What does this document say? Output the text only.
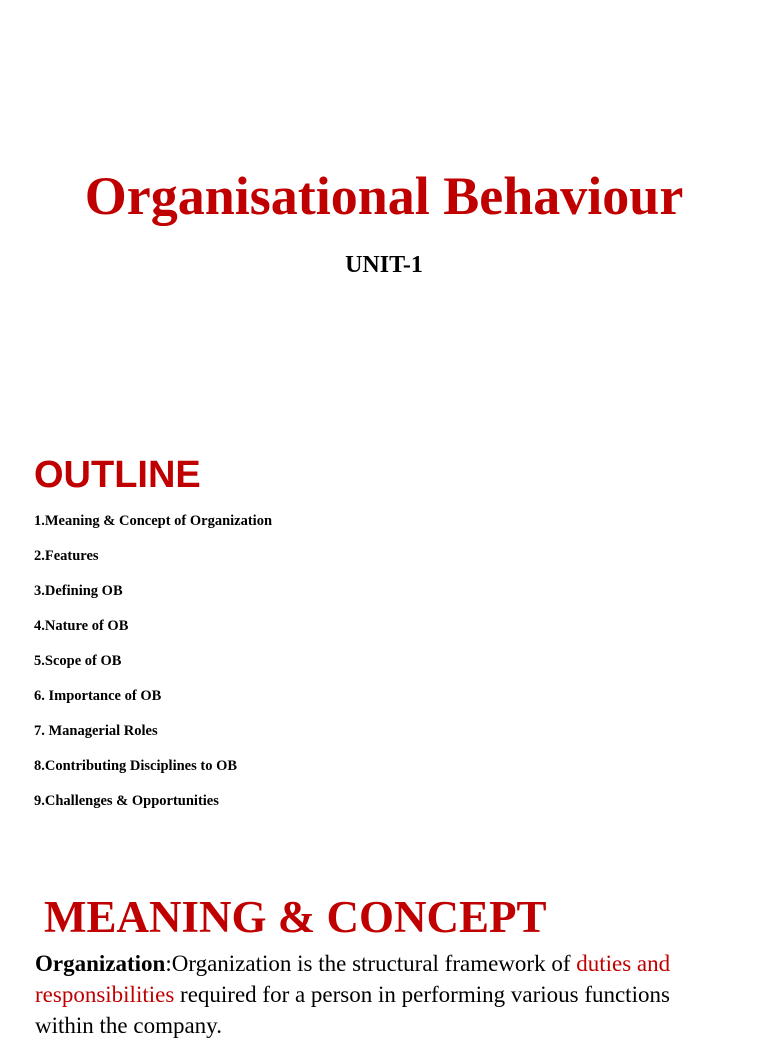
Organisational Behaviour
UNIT-1
OUTLINE
1.Meaning & Concept of Organization
2.Features
3.Defining OB
4.Nature of OB
5.Scope of OB
6. Importance of OB
7. Managerial Roles
8.Contributing Disciplines to OB
9.Challenges & Opportunities
MEANING & CONCEPT
Organization:Organization is the structural framework of duties and responsibilities required for a person in performing various functions within the company.
